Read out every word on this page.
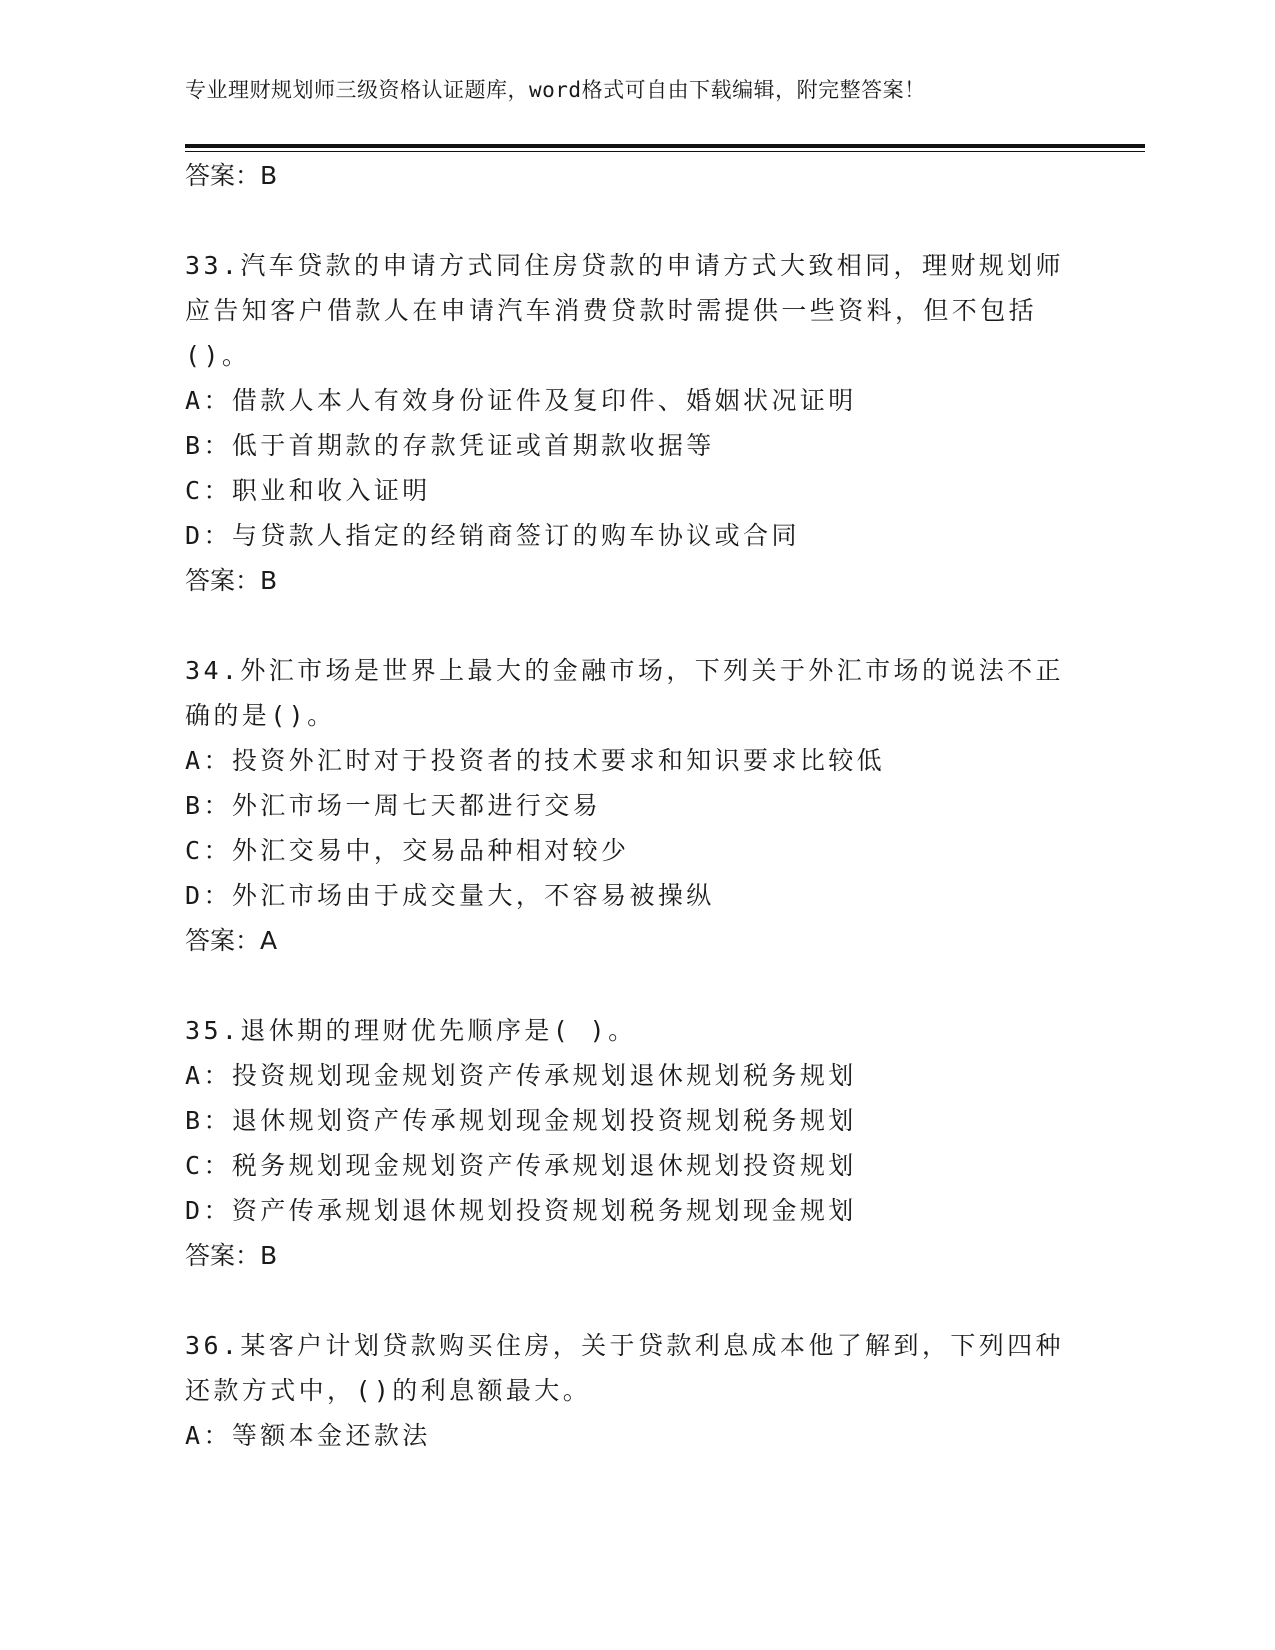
专业理财规划师三级资格认证题库，word格式可自由下载编辑，附完整答案！
答案：B
33.汽车贷款的申请方式同住房贷款的申请方式大致相同，理财规划师应告知客户借款人在申请汽车消费贷款时需提供一些资料，但不包括()。
A：借款人本人有效身份证件及复印件、婚姻状况证明
B：低于首期款的存款凭证或首期款收据等
C：职业和收入证明
D：与贷款人指定的经销商签订的购车协议或合同
答案：B
34.外汇市场是世界上最大的金融市场，下列关于外汇市场的说法不正确的是()。
A：投资外汇时对于投资者的技术要求和知识要求比较低
B：外汇市场一周七天都进行交易
C：外汇交易中，交易品种相对较少
D：外汇市场由于成交量大，不容易被操纵
答案：A
35.退休期的理财优先顺序是( )。
A：投资规划现金规划资产传承规划退休规划税务规划
B：退休规划资产传承规划现金规划投资规划税务规划
C：税务规划现金规划资产传承规划退休规划投资规划
D：资产传承规划退休规划投资规划税务规划现金规划
答案：B
36.某客户计划贷款购买住房，关于贷款利息成本他了解到，下列四种还款方式中，()的利息额最大。
A：等额本金还款法
